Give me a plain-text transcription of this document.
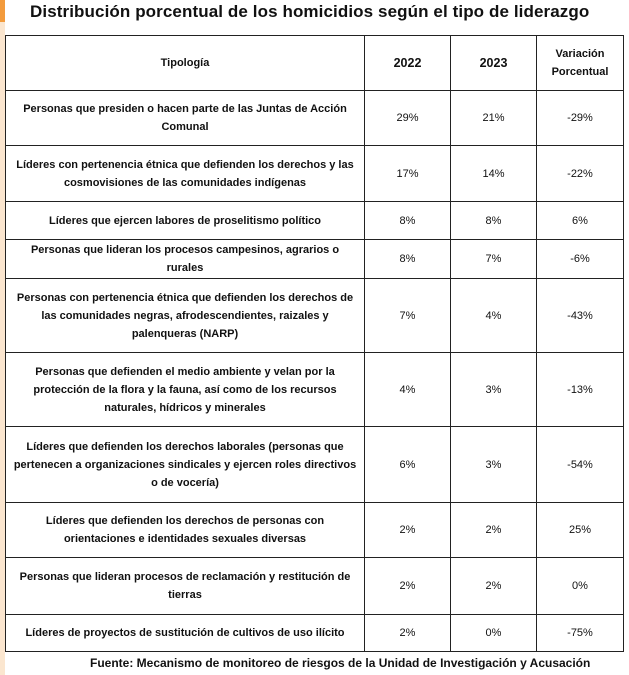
Distribución porcentual de los homicidios según el tipo de liderazgo
Tipología	2022	2023	Variación Porcentual
Personas que presiden o hacen parte de las Juntas de Acción Comunal	29%	21%	-29%
Líderes con pertenencia étnica que defienden los derechos y las cosmovisiones de las comunidades indígenas	17%	14%	-22%
Líderes que ejercen labores de proselitismo político	8%	8%	6%
Personas que lideran los procesos campesinos, agrarios o rurales	8%	7%	-6%
Personas con pertenencia étnica que defienden los derechos de las comunidades negras, afrodescendientes, raizales y palenqueras (NARP)	7%	4%	-43%
Personas que defienden el medio ambiente y velan por la protección de la flora y la fauna, así como de los recursos naturales, hídricos y minerales	4%	3%	-13%
Líderes que defienden los derechos laborales (personas que pertenecen a organizaciones sindicales y ejercen roles directivos o de vocería)	6%	3%	-54%
Líderes que defienden los derechos de personas con orientaciones e identidades sexuales diversas	2%	2%	25%
Personas que lideran procesos de reclamación y restitución de tierras	2%	2%	0%
Líderes de proyectos de sustitución de cultivos de uso ilícito	2%	0%	-75%
Fuente: Mecanismo de monitoreo de riesgos de la Unidad de Investigación y Acusación
